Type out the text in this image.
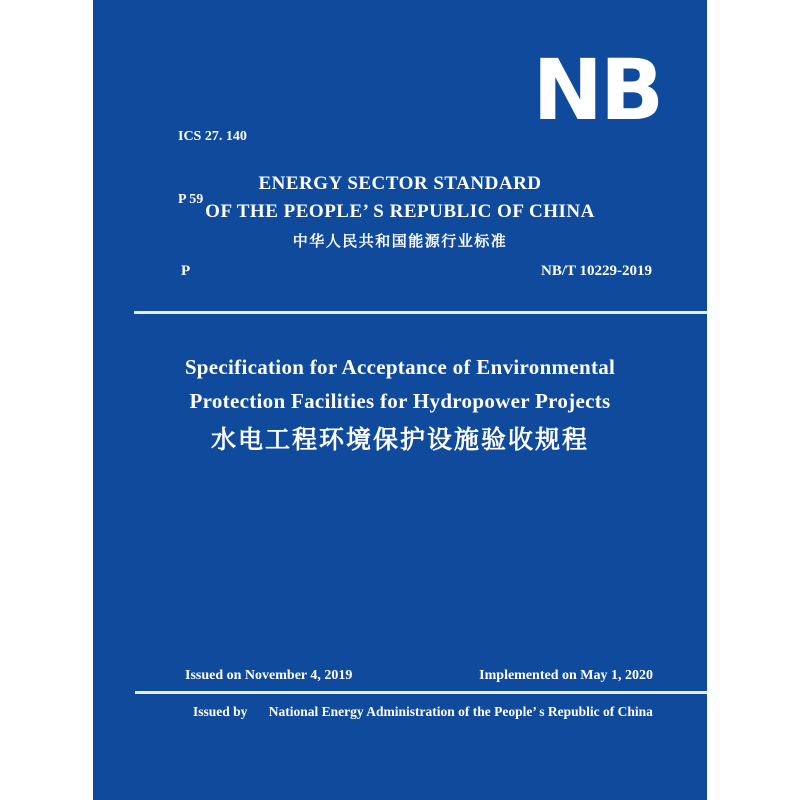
ICS 27. 140

P 59

NB
ENERGY SECTOR STANDARD
OF THE PEOPLE’ S REPUBLIC OF CHINA
中华人民共和国能源行业标准
P	NB/T 10229-2019
Specification for Acceptance of Environmental
Protection Facilities for Hydropower Projects
水电工程环境保护设施验收规程
Issued on November 4, 2019	Implemented on May 1, 2020
Issued by National Energy Administration of the People’ s Republic of China
